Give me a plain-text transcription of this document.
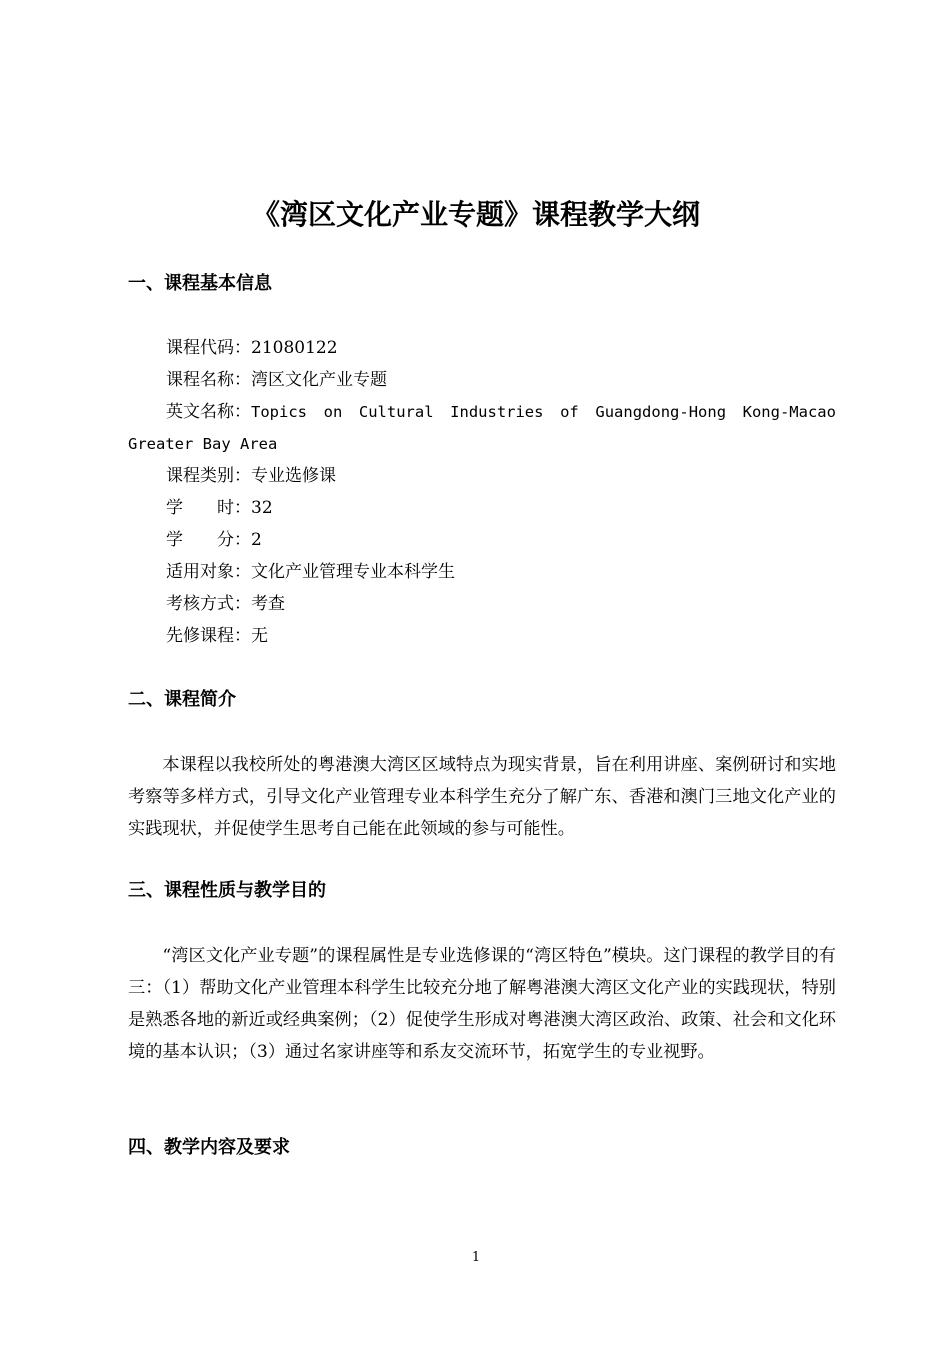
《湾区文化产业专题》课程教学大纲
一、课程基本信息

课程代码：21080122

课程名称：湾区文化产业专题

英文名称：Topics on Cultural Industries of Guangdong-Hong Kong-Macao

Greater Bay Area

课程类别：专业选修课

学　　时：32

学　　分：2

适用对象：文化产业管理专业本科学生

考核方式：考查

先修课程：无

二、课程简介

本课程以我校所处的粤港澳大湾区区域特点为现实背景，旨在利用讲座、案例研讨和实地考察等多样方式，引导文化产业管理专业本科学生充分了解广东、香港和澳门三地文化产业的实践现状，并促使学生思考自己能在此领域的参与可能性。

三、课程性质与教学目的

“湾区文化产业专题”的课程属性是专业选修课的“湾区特色”模块。这门课程的教学目的有三：（1）帮助文化产业管理本科学生比较充分地了解粤港澳大湾区文化产业的实践现状，特别是熟悉各地的新近或经典案例；（2）促使学生形成对粤港澳大湾区政治、政策、社会和文化环境的基本认识；（3）通过名家讲座等和系友交流环节，拓宽学生的专业视野。

四、教学内容及要求
1
